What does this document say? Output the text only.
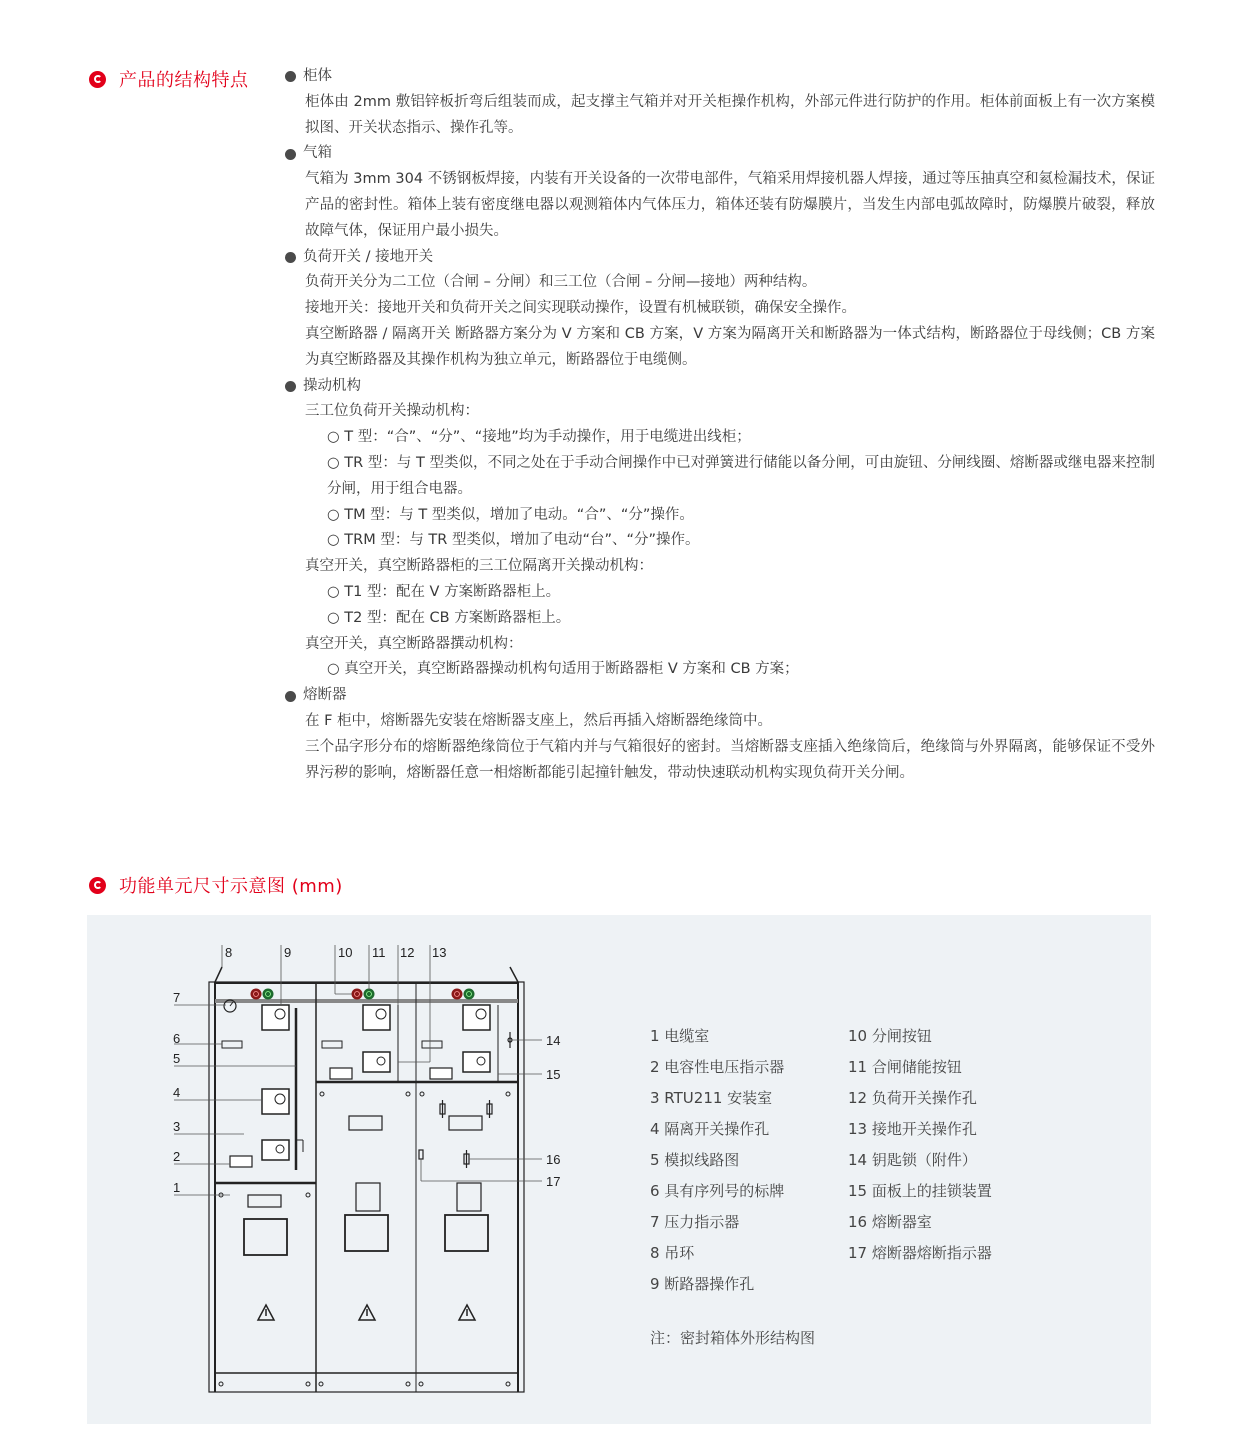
产品的结构特点	柜体
柜体由 2mm 敷铝锌板折弯后组装而成，起支撑主气箱并对开关柜操作机构，外部元件进行防护的作用。柜体前面板上有一次方案模拟图、开关状态指示、操作孔等。
气箱
气箱为 3mm 304 不锈钢板焊接，内装有开关设备的一次带电部件，气箱采用焊接机器人焊接，通过等压抽真空和氦检漏技术，保证产品的密封性。箱体上装有密度继电器以观测箱体内气体压力，箱体还装有防爆膜片，当发生内部电弧故障时，防爆膜片破裂，释放故障气体，保证用户最小损失。
负荷开关 / 接地开关
负荷开关分为二工位（合闸 – 分闸）和三工位（合闸 – 分闸—接地）两种结构。
接地开关：接地开关和负荷开关之间实现联动操作，设置有机械联锁，确保安全操作。
真空断路器 / 隔离开关 断路器方案分为 V 方案和 CB 方案，V 方案为隔离开关和断路器为一体式结构，断路器位于母线侧；CB 方案为真空断路器及其操作机构为独立单元，断路器位于电缆侧。
操动机构
三工位负荷开关操动机构：
○ T 型：“合”、“分”、“接地”均为手动操作，用于电缆进出线柜；
○ TR 型：与 T 型类似，不同之处在于手动合闸操作中已对弹簧进行储能以备分闸，可由旋钮、分闸线圈、熔断器或继电器来控制分闸，用于组合电器。
○ TM 型：与 T 型类似，增加了电动。“合”、“分”操作。
○ TRM 型：与 TR 型类似，增加了电动“台”、“分”操作。
真空开关，真空断路器柜的三工位隔离开关操动机构：
○ T1 型：配在 V 方案断路器柜上。
○ T2 型：配在 CB 方案断路器柜上。
真空开关，真空断路器撰动机构：
○ 真空开关，真空断路器操动机构句适用于断路器柜 V 方案和 CB 方案；
熔断器
在 F 柜中，熔断器先安装在熔断器支座上，然后再插入熔断器绝缘筒中。
三个品字形分布的熔断器绝缘筒位于气箱内并与气箱很好的密封。当熔断器支座插入绝缘筒后，绝缘筒与外界隔离，能够保证不受外界污秽的影响，熔断器任意一相熔断都能引起撞针触发，带动快速联动机构实现负荷开关分闸。
功能单元尺寸示意图 (mm)
7
6
5
4
3
2
1
8	9	10 11 12 13
14
15
16
17
1 电缆室
2 电容性电压指示器
3 RTU211 安装室
4 隔离开关操作孔
5 模拟线路图
6 具有序列号的标牌
7 压力指示器
8 吊环
9 断路器操作孔
10 分闸按钮
11 合闸储能按钮
12 负荷开关操作孔
13 接地开关操作孔
14 钥匙锁（附件）
15 面板上的挂锁装置
16 熔断器室
17 熔断器熔断指示器
注：密封箱体外形结构图
